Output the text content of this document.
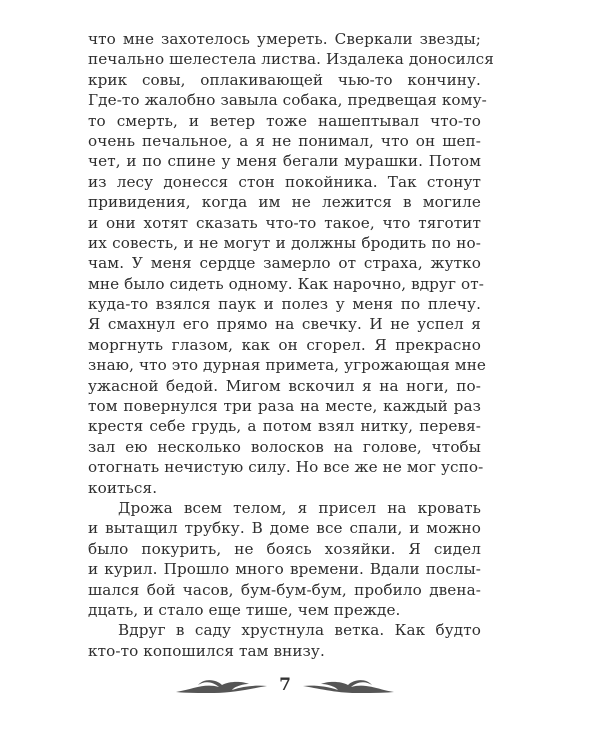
что мне захотелось умереть. Сверкали звезды;
печально шелестела листва. Издалека доносился
крик совы, оплакивающей чью-то кончину.
Где-то жалобно завыла собака, предвещая кому-
то смерть, и ветер тоже нашептывал что-то
очень печальное, а я не понимал, что он шеп-
чет, и по спине у меня бегали мурашки. Потом
из лесу донесся стон покойника. Так стонут
привидения, когда им не лежится в могиле
и они хотят сказать что-то такое, что тяготит
их совесть, и не могут и должны бродить по но-
чам. У меня сердце замерло от страха, жутко
мне было сидеть одному. Как нарочно, вдруг от-
куда-то взялся паук и полез у меня по плечу.
Я смахнул его прямо на свечку. И не успел я
моргнуть глазом, как он сгорел. Я прекрасно
знаю, что это дурная примета, угрожающая мне
ужасной бедой. Мигом вскочил я на ноги, по-
том повернулся три раза на месте, каждый раз
крестя себе грудь, а потом взял нитку, перевя-
зал ею несколько волосков на голове, чтобы
отогнать нечистую силу. Но все же не мог успо-
коиться.
Дрожа всем телом, я присел на кровать
и вытащил трубку. В доме все спали, и можно
было покурить, не боясь хозяйки. Я сидел
и курил. Прошло много времени. Вдали послы-
шался бой часов, бум-бум-бум, пробило двена-
дцать, и стало еще тише, чем прежде.
Вдруг в саду хрустнула ветка. Как будто
кто-то копошился там внизу.
7
